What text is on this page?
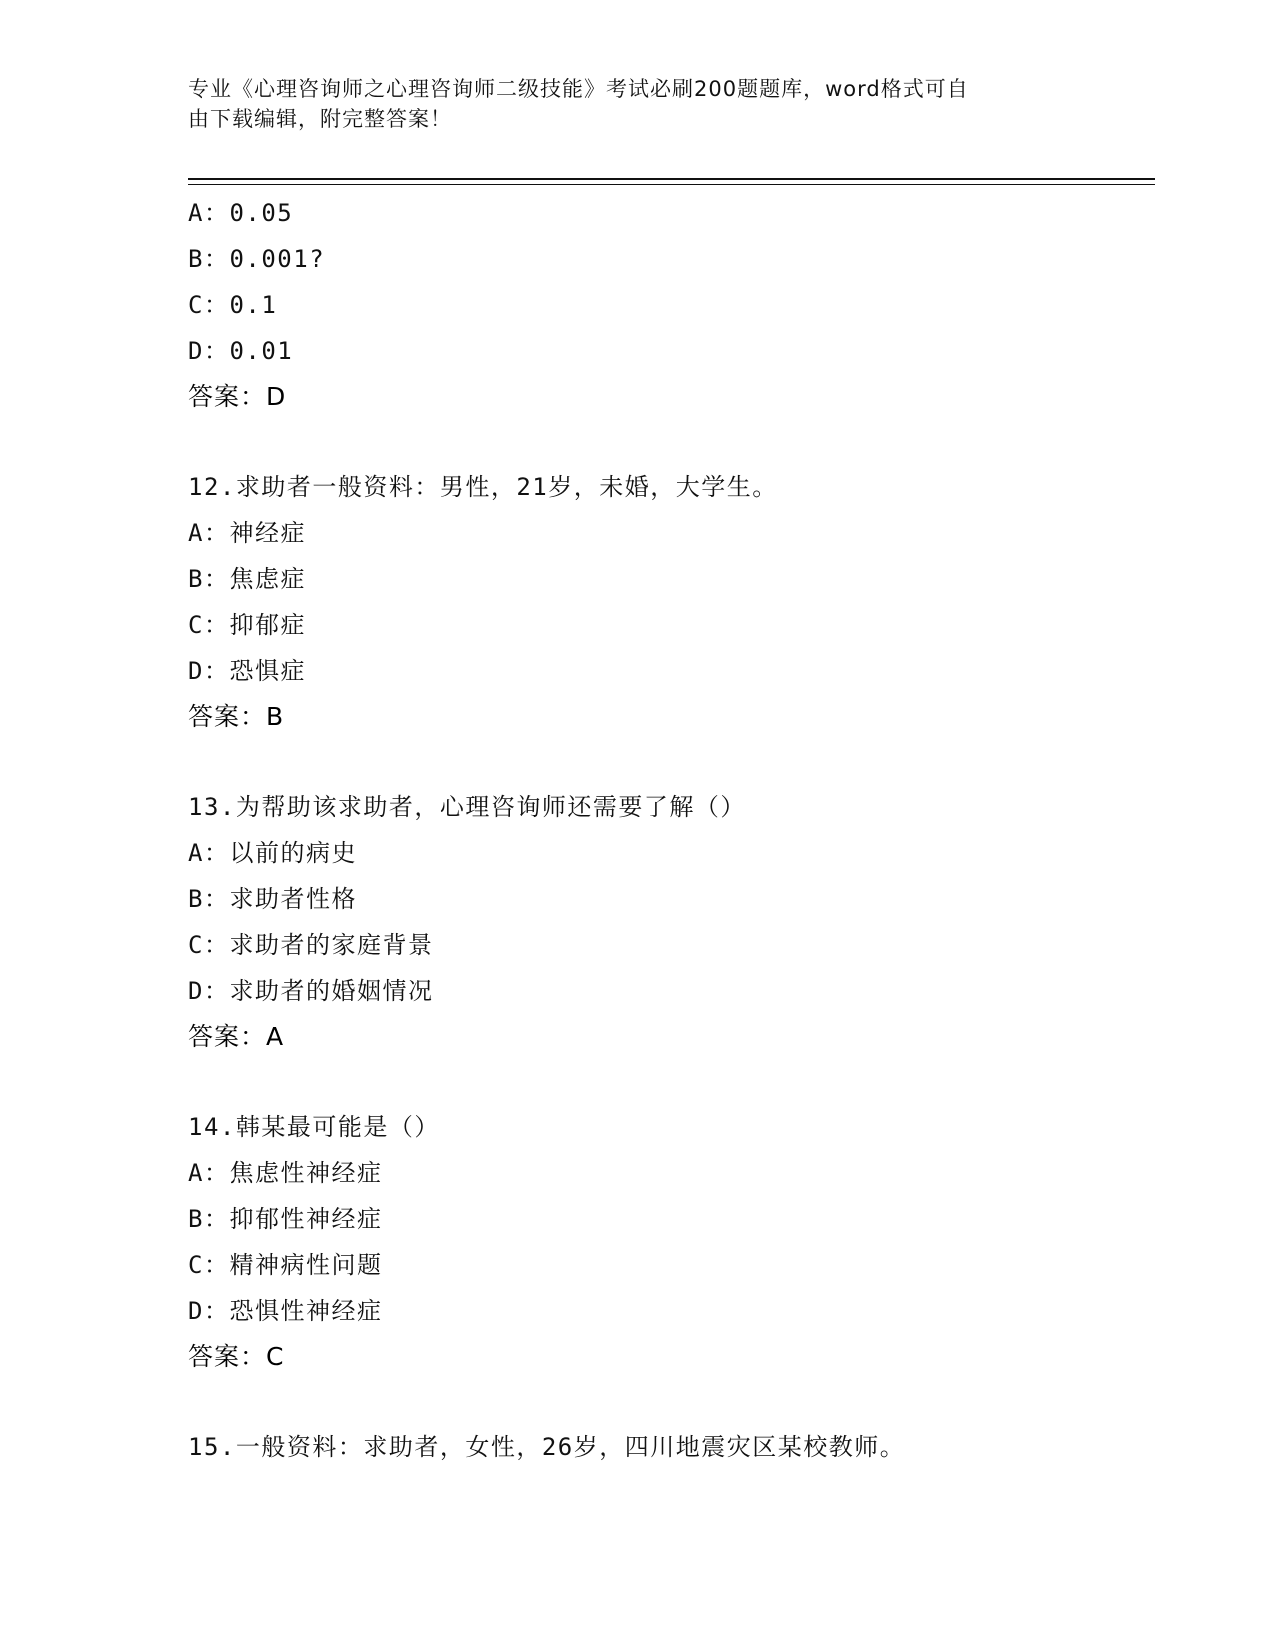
专业《心理咨询师之心理咨询师二级技能》考试必刷200题题库，word格式可自
由下载编辑，附完整答案！
A：0.05
B：0.001?
C：0.1
D：0.01
答案：D
12.求助者一般资料：男性，21岁，未婚，大学生。
A：神经症
B：焦虑症
C：抑郁症
D：恐惧症
答案：B
13.为帮助该求助者，心理咨询师还需要了解（）
A：以前的病史
B：求助者性格
C：求助者的家庭背景
D：求助者的婚姻情况
答案：A
14.韩某最可能是（）
A：焦虑性神经症
B：抑郁性神经症
C：精神病性问题
D：恐惧性神经症
答案：C
15.一般资料：求助者，女性，26岁，四川地震灾区某校教师。
